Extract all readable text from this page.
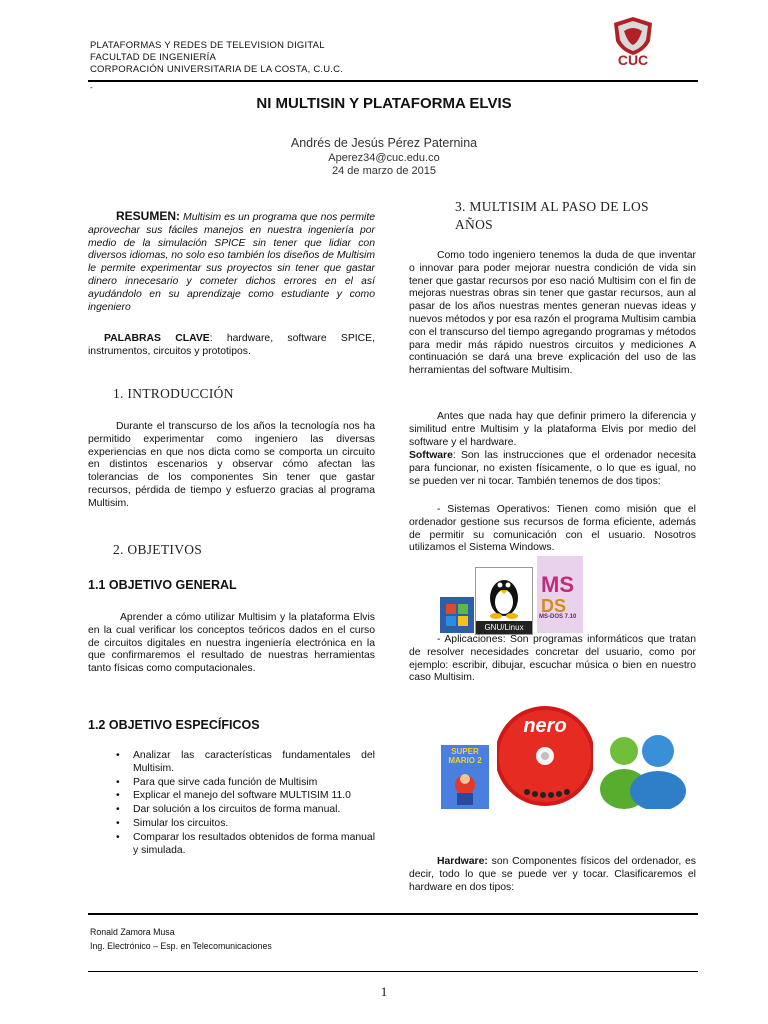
PLATAFORMAS Y REDES DE TELEVISION DIGITAL
FACULTAD DE INGENIERÍA
CORPORACIÓN UNIVERSITARIA DE LA COSTA, C.U.C.
CUC
-
NI MULTISIN Y PLATAFORMA ELVIS
Andrés de Jesús Pérez Paternina
Aperez34@cuc.edu.co
24 de marzo de 2015

RESUMEN: Multisim es un programa que nos permite aprovechar sus fáciles manejos en nuestra ingeniería por medio de la simulación SPICE sin tener que lidiar con diversos idiomas, no solo eso también los diseños de Multisim le permite experimentar sus proyectos sin tener que gastar dinero innecesario y cometer dichos errores en el así ayudándolo en su aprendizaje como estudiante y como ingeniero

PALABRAS CLAVE: hardware, software SPICE, instrumentos, circuitos y prototipos.

1. INTRODUCCIÓN

Durante el transcurso de los años la tecnología nos ha permitido experimentar como ingeniero las diversas experiencias en que nos dicta como se comporta un circuito en distintos escenarios y observar cómo afectan las tolerancias de los componentes Sin tener que gastar recursos, pérdida de tiempo y esfuerzo gracias al programa Multisim.

2. OBJETIVOS
1.1 OBJETIVO GENERAL

Aprender a cómo utilizar Multisim y la plataforma Elvis en la cual verificar los conceptos teóricos dados en el curso de circuitos digitales en nuestra ingeniería electrónica en la que confirmaremos el resultado de nuestras herramientas tanto físicas como computacionales.

1.2 OBJETIVO ESPECÍFICOS
• Analizar las características fundamentales del Multisim.
• Para que sirve cada función de Multisim
• Explicar el manejo del software MULTISIM 11.0
• Dar solución a los circuitos de forma manual.
• Simular los circuitos.
• Comparar los resultados obtenidos de forma manual y simulada.
3. MULTISIM AL PASO DE LOS
AÑOS

Como todo ingeniero tenemos la duda de que inventar o innovar para poder mejorar nuestra condición de vida sin tener que gastar recursos por eso nació Multisim con el fin de mejoras nuestras obras sin tener que gastar recursos, aun al pasar de los años nuestras mentes generan nuevas ideas y nuevos métodos y por esa razón el programa Multisim cambia con el transcurso del tiempo agregando programas y métodos para medir más rápido nuestros circuitos y mediciones A continuación se dará una breve explicación del uso de las herramientas del software Multisim.

Antes que nada hay que definir primero la diferencia y similitud entre Multisim y la plataforma Elvis por medio del software y el hardware.

Software: Son las instrucciones que el ordenador necesita para funcionar, no existen físicamente, o lo que es igual, no se pueden ver ni tocar. También tenemos de dos tipos:

- Sistemas Operativos: Tienen como misión que el ordenador gestione sus recursos de forma eficiente, además de permitir su comunicación con el usuario. Nosotros utilizamos el Sistema Windows.

GNU/Linux
MS
DS
MS-DOS 7.10

- Aplicaciones: Son programas informáticos que tratan de resolver necesidades concretar del usuario, como por ejemplo: escribir, dibujar, escuchar música o bien en nuestro caso Multisim.

SUPER MARIO 2
nero

Hardware: son Componentes físicos del ordenador, es decir, todo lo que se puede ver y tocar. Clasificaremos el hardware en dos tipos:

Ronald Zamora Musa
Ing. Electrónico – Esp. en Telecomunicaciones
1
